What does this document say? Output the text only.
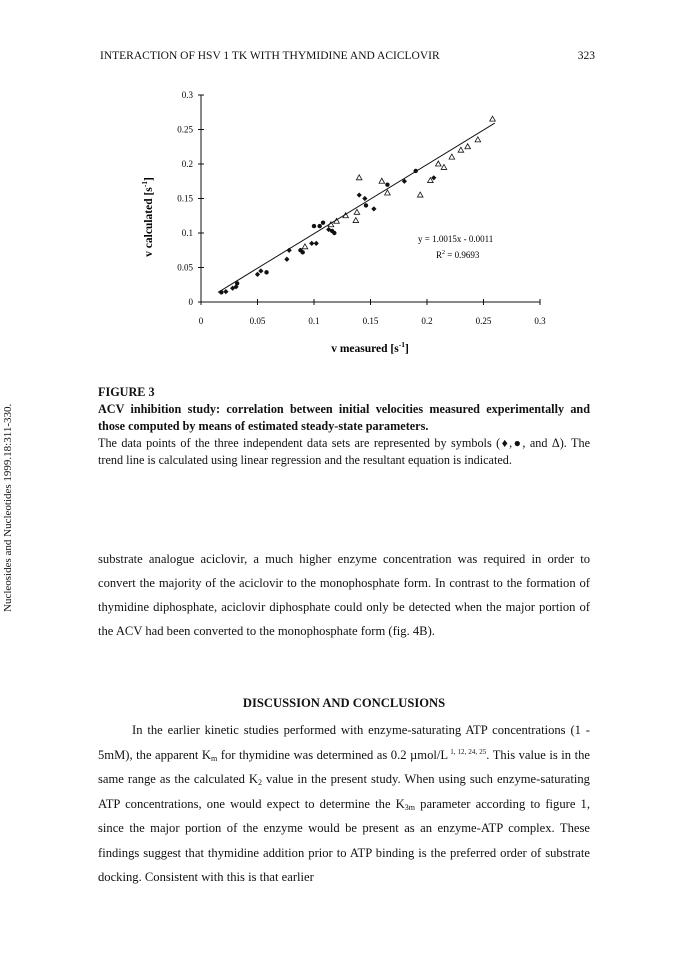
INTERACTION OF HSV 1 TK WITH THYMIDINE AND ACICLOVIR	323
Nucleosides and Nucleotides 1999.18:311-330.
0	0.05	0.1	0.15	0.2	0.25	0.3
0
0.05
0.1
0.15
0.2
0.25
0.3
y = 1.0015x - 0.0011
$R^2 = 0.9693$
v measured $[s^{-1}]$
v calculated $[s^{-1}]$
FIGURE 3
ACV inhibition study: correlation between initial velocities measured experimentally and those computed by means of estimated steady-state parameters.
The data points of the three independent data sets are represented by symbols (♦,●, and Δ). The trend line is calculated using linear regression and the resultant equation is indicated.
substrate analogue aciclovir, a much higher enzyme concentration was required in order to convert the majority of the aciclovir to the monophosphate form. In contrast to the formation of thymidine diphosphate, aciclovir diphosphate could only be detected when the major portion of the ACV had been converted to the monophosphate form (fig. 4B).
DISCUSSION AND CONCLUSIONS
In the earlier kinetic studies performed with enzyme-saturating ATP concentrations (1 - 5mM), the apparent $K_m$ for thymidine was determined as 0.2 µmol/L $^{1, 12, 24, 25}$. This value is in the same range as the calculated $K_2$ value in the present study. When using such enzyme-saturating ATP concentrations, one would expect to determine the $K_{3m}$ parameter according to figure 1, since the major portion of the enzyme would be present as an enzyme-ATP complex. These findings suggest that thymidine addition prior to ATP binding is the preferred order of substrate docking. Consistent with this is that earlier
